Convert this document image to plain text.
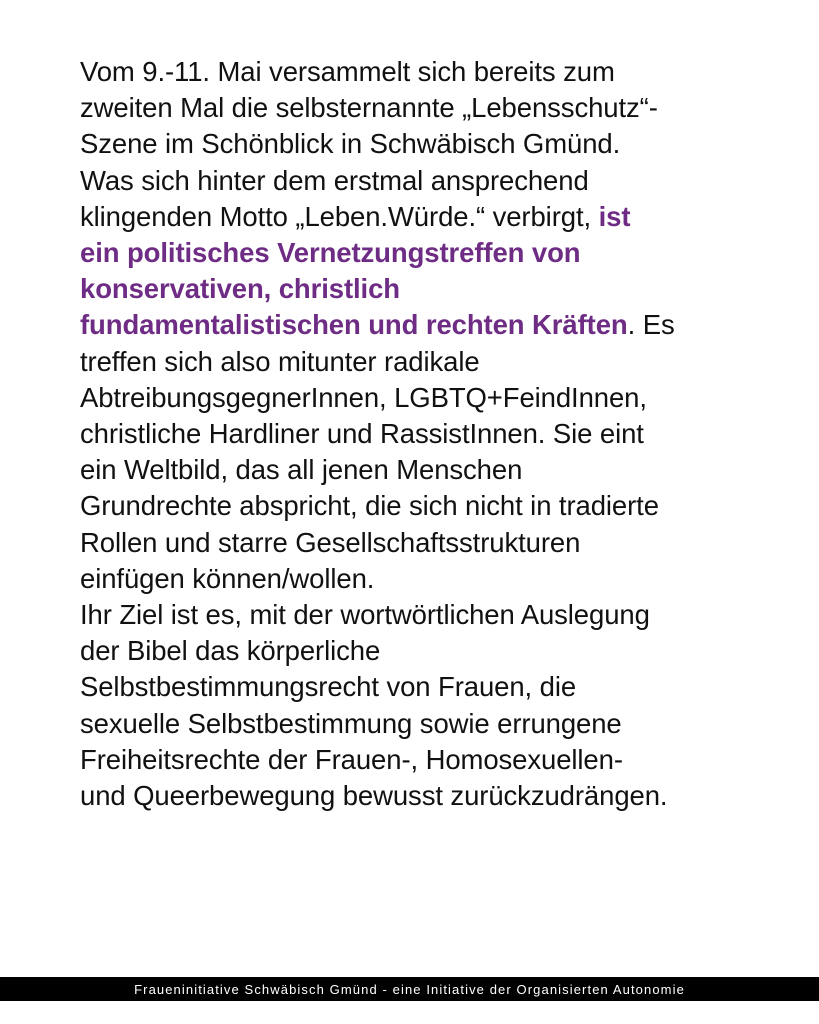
Vom 9.-11. Mai versammelt sich bereits zum
zweiten Mal die selbsternannte „Lebensschutz“-
Szene im Schönblick in Schwäbisch Gmünd.
Was sich hinter dem erstmal ansprechend
klingenden Motto „Leben.Würde.“ verbirgt, ist
ein politisches Vernetzungstreffen von
konservativen, christlich
fundamentalistischen und rechten Kräften. Es
treffen sich also mitunter radikale
AbtreibungsgegnerInnen, LGBTQ+FeindInnen,
christliche Hardliner und RassistInnen. Sie eint
ein Weltbild, das all jenen Menschen
Grundrechte abspricht, die sich nicht in tradierte
Rollen und starre Gesellschaftsstrukturen
einfügen können/wollen.
Ihr Ziel ist es, mit der wortwörtlichen Auslegung
der Bibel das körperliche
Selbstbestimmungsrecht von Frauen, die
sexuelle Selbstbestimmung sowie errungene
Freiheitsrechte der Frauen-, Homosexuellen-
und Queerbewegung bewusst zurückzudrängen.
Fraueninitiative Schwäbisch Gmünd - eine Initiative der Organisierten Autonomie
